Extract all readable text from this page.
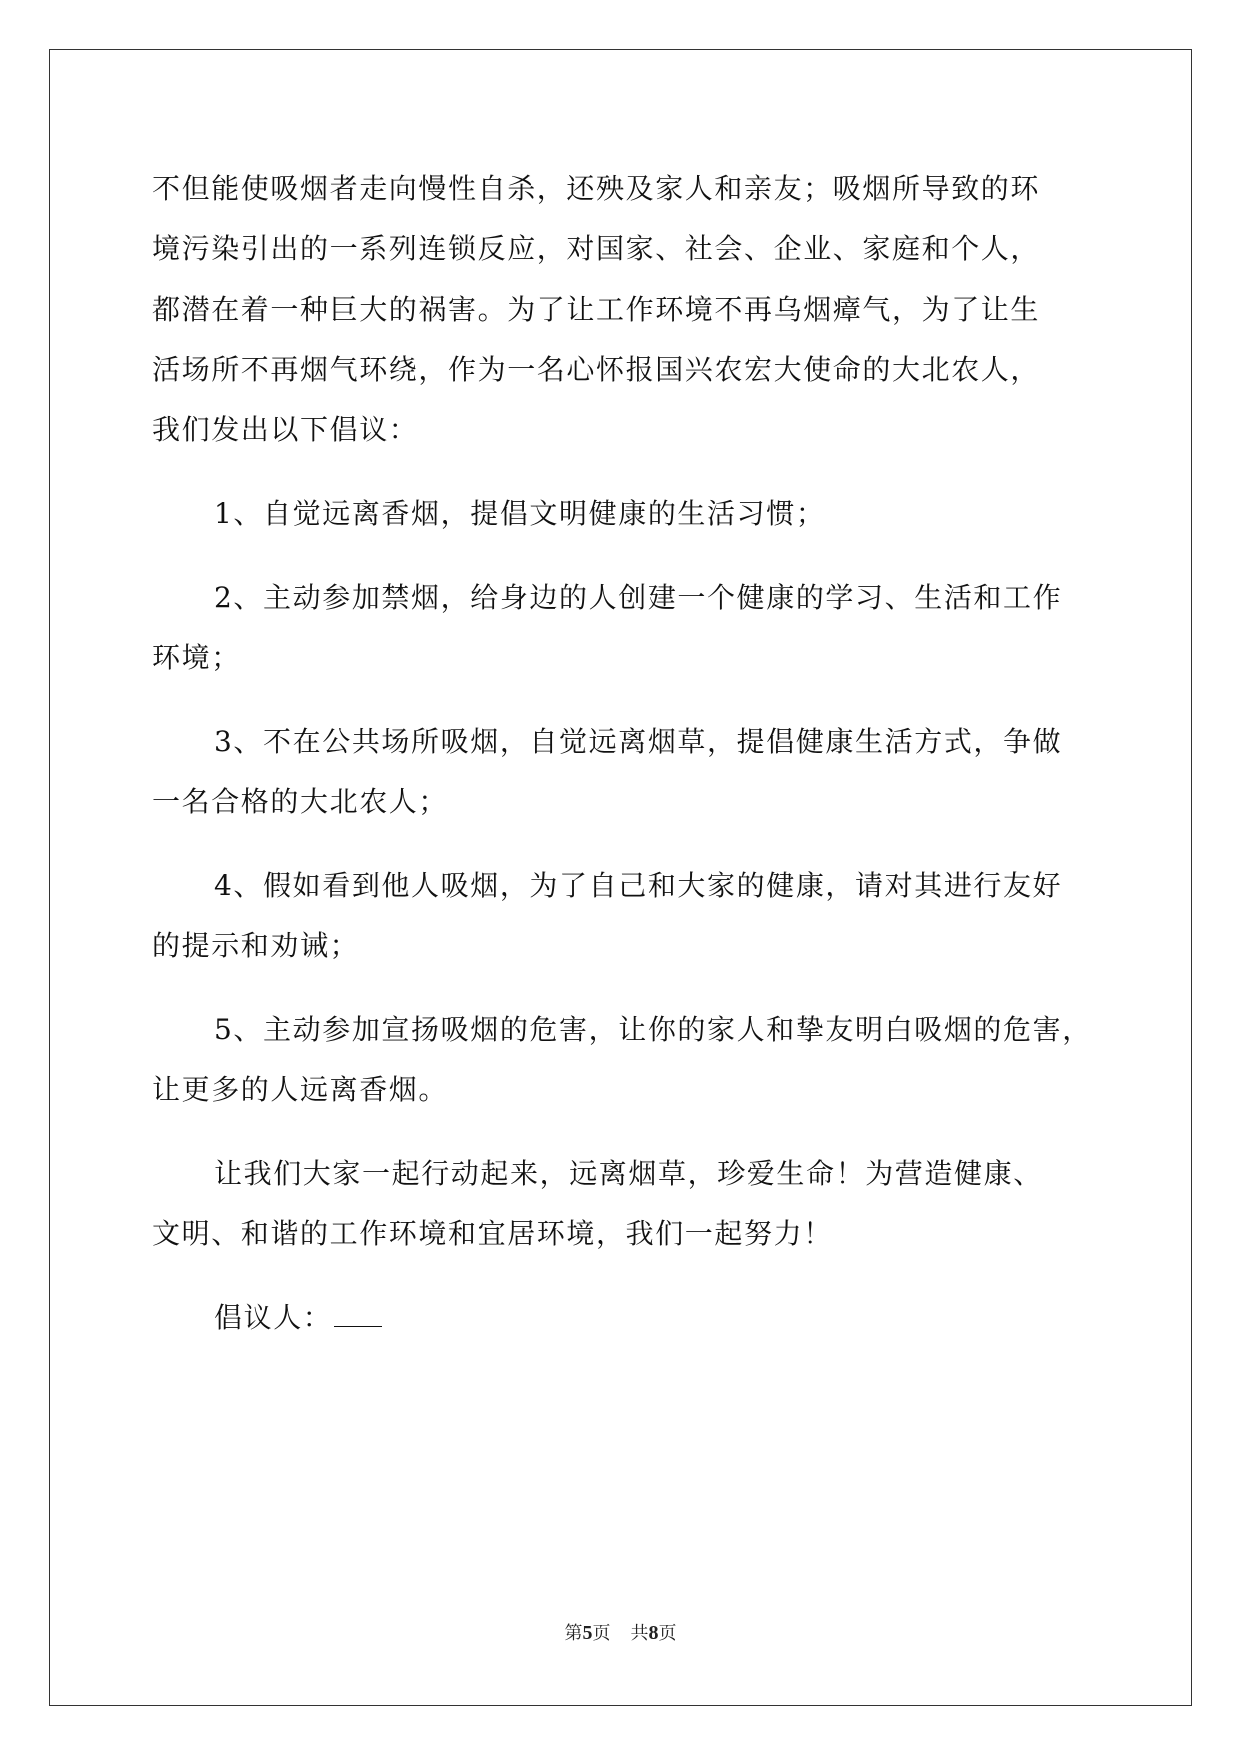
不但能使吸烟者走向慢性自杀，还殃及家人和亲友；吸烟所导致的环
境污染引出的一系列连锁反应，对国家、社会、企业、家庭和个人，
都潜在着一种巨大的祸害。为了让工作环境不再乌烟瘴气，为了让生
活场所不再烟气环绕，作为一名心怀报国兴农宏大使命的大北农人，
我们发出以下倡议：
1、自觉远离香烟，提倡文明健康的生活习惯；
2、主动参加禁烟，给身边的人创建一个健康的学习、生活和工作
环境；
3、不在公共场所吸烟，自觉远离烟草，提倡健康生活方式，争做
一名合格的大北农人；
4、假如看到他人吸烟，为了自己和大家的健康，请对其进行友好
的提示和劝诫；
5、主动参加宣扬吸烟的危害，让你的家人和挚友明白吸烟的危害，
让更多的人远离香烟。
让我们大家一起行动起来，远离烟草，珍爱生命！为营造健康、
文明、和谐的工作环境和宜居环境，我们一起努力！
倡议人：
第5页 共8页
